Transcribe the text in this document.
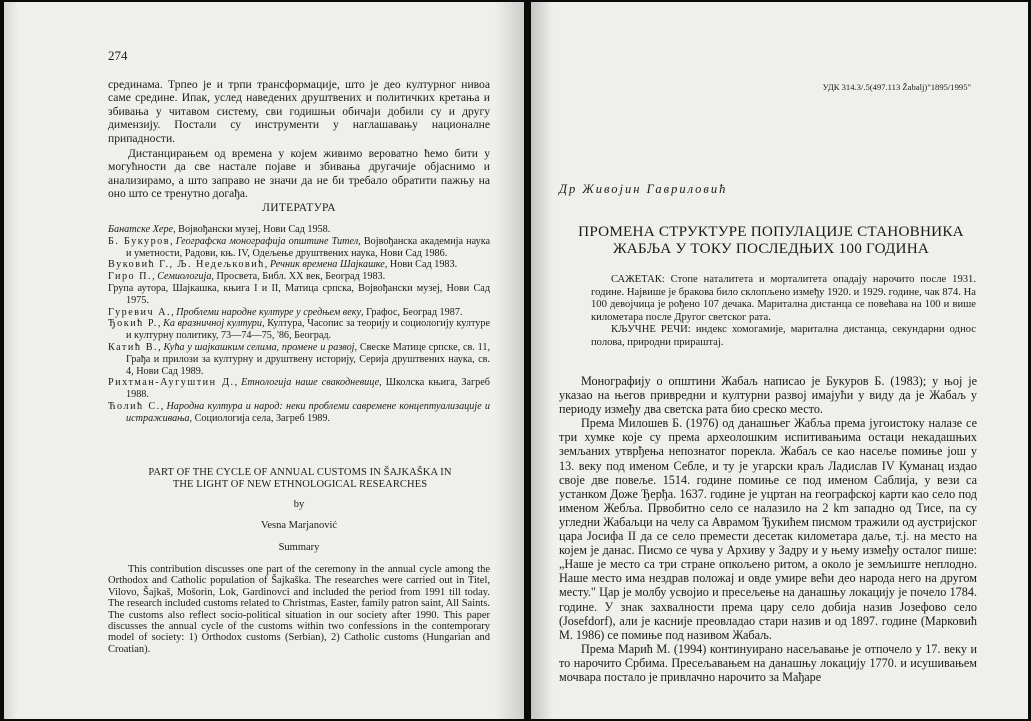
274

срединама. Трпео је и трпи трансформације, што је део културног нивоа саме средине. Ипак, услед наведених друштвених и политичких кретања и збивања у читавом систему, сви годишњи обичаји добили су и другу димензију. Постали су инструменти у наглашавању националне припадности.

Дистанцирањем од времена у којем живимо вероватно ћемо бити у могућности да све настале појаве и збивања другачије објаснимо и анализирамо, а што заправо не значи да не би требало обратити пажњу на оно што се тренутно догађа.

ЛИТЕРАТУРА

Банатске Хере, Војвођански музеј, Нови Сад 1958.

Б. Букуров, Географска монографија општине Тител, Војвођанска академија наука и уметности, Радови, књ. IV, Одељење друштвених наука, Нови Сад 1986.

Вуковић Г., Љ. Недељковић, Речник времена Шајкашке, Нови Сад 1983.

Гиро П., Семиологија, Просвета, Библ. XX век, Београд 1983.

Група аутора, Шајкашка, књига I и II, Матица српска, Војвођански музеј, Нови Сад 1975.

Гуревич А., Проблеми народне културе у средњем веку, Графос, Београд 1987.

Ђокић Р., Ка вразничној култури, Култура, Часопис за теорију и социологију културе и културну политику, 73—74—75, '86, Београд.

Катић В., Кућа у шајкашким селима, промене и развој, Свеске Матице српске, св. 11, Грађа и прилози за културну и друштвену историју, Серија друштвених наука, св. 4, Нови Сад 1989.

Рихтман-Аугуштин Д., Етнологија наше свакодневице, Школска књига, Загреб 1988.

Ћолић С., Народна култура и народ: неки проблеми савремене концептуализације и истраживања, Социологија села, Загреб 1989.

PART OF THE CYCLE OF ANNUAL CUSTOMS IN ŠAJKAŠKA IN THE LIGHT OF NEW ETHNOLOGICAL RESEARCHES
by
Vesna Marjanović
Summary

This contribution discusses one part of the ceremony in the annual cycle among the Orthodox and Catholic population of Šajkaška. The researches were carried out in Titel, Vilovo, Šajkaš, Mošorin, Lok, Gardinovci and included the period from 1991 till today. The research included customs related to Christmas, Easter, family patron saint, All Saints. The customs also reflect socio-political situation in our society after 1990. This paper discusses the annual cycle of the customs within two confessions in the contemporary model of society: 1) Orthodox customs (Serbian), 2) Catholic customs (Hungarian and Croatian).

УДК 314.3/.5(497.113 Žabalj)"1895/1995"
Др Живојин Гавриловић
ПРОМЕНА СТРУКТУРЕ ПОПУЛАЦИЈЕ СТАНОВНИКА ЖАБЉА У ТОКУ ПОСЛЕДЊИХ 100 ГОДИНА

САЖЕТАК: Стопе наталитета и морталитета опадају нарочито после 1931. године. Највише је бракова било склопљено између 1920. и 1929. године, чак 874. На 100 девојчица је рођено 107 дечака. Маритална дистанца се повећава на 100 и више километара после Другог светског рата.

КЉУЧНЕ РЕЧИ: индекс хомогамије, маритална дистанца, секундарни однос полова, природни прираштај.

Монографију о општини Жабаљ написао је Букуров Б. (1983); у њој је указао на његов привредни и културни развој имајући у виду да је Жабаљ у периоду између два светска рата био среско место.

Према Милошев Б. (1976) од данашњег Жабља према југоистоку налазе се три хумке које су према археолошким испитивањима остаци некадашњих земљаних утврђења непознатог порекла. Жабаљ се као насеље помиње још у 13. веку под именом Себле, и ту је угарски краљ Ладислав IV Куманац издао своје две повеље. 1514. године помиње се под именом Саблија, у вези са устанком Доже Ђерђа. 1637. године је уцртан на географској карти као село под именом Жебља. Првобитно село се налазило на 2 km западно од Тисе, па су угледни Жабаљци на челу са Аврамом Ђукићем писмом тражили од аустријског цара Јосифа II да се село премести десетак километара даље, т.ј. на место на којем је данас. Писмо се чува у Архиву у Задру и у њему између осталог пише: „Наше је место са три стране опкољено ритом, а около је земљиште неплодно. Наше место има нездрав положај и овде умире већи део народа него на другом месту." Цар је молбу усвојио и пресељење на данашњу локацију је почело 1784. године. У знак захвалности према цару село добија назив Јозефово село (Josefdorf), али је касније преовладао стари назив и од 1897. године (Марковић М. 1986) се помиње под називом Жабаљ.

Према Марић М. (1994) континуирано насељавање је отпочело у 17. веку и то нарочито Србима. Пресељавањем на данашњу локацију 1770. и исушивањем мочвара постало је привлачно нарочито за Мађаре
